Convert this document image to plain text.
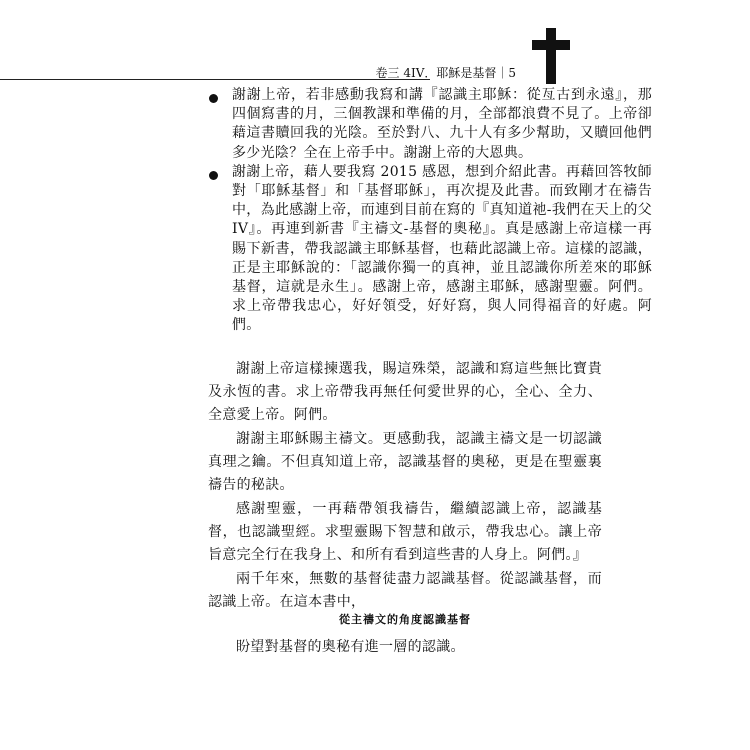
卷三 4IV．耶穌是基督｜5

謝謝上帝，若非感動我寫和講『認識主耶穌：從亙古到永遠』，那四個寫書的月，三個教課和準備的月，全部都浪費不見了。上帝卻藉這書贖回我的光陰。至於對八、九十人有多少幫助，又贖回他們多少光陰？全在上帝手中。謝謝上帝的大恩典。

謝謝上帝，藉人要我寫 2015 感恩，想到介紹此書。再藉回答牧師對「耶穌基督」和「基督耶穌」，再次提及此書。而致剛才在禱告中，為此感謝上帝，而連到目前在寫的『真知道祂-我們在天上的父 IV』。再連到新書『主禱文-基督的奧秘』。真是感謝上帝這樣一再賜下新書，帶我認識主耶穌基督，也藉此認識上帝。這樣的認識，正是主耶穌說的：「認識你獨一的真神，並且認識你所差來的耶穌基督，這就是永生」。感謝上帝，感謝主耶穌，感謝聖靈。阿們。求上帝帶我忠心，好好領受，好好寫，與人同得福音的好處。阿們。

謝謝上帝這樣揀選我，賜這殊榮，認識和寫這些無比寶貴及永恆的書。求上帝帶我再無任何愛世界的心，全心、全力、全意愛上帝。阿們。

謝謝主耶穌賜主禱文。更感動我，認識主禱文是一切認識真理之鑰。不但真知道上帝，認識基督的奧秘，更是在聖靈裏禱告的秘訣。

感謝聖靈，一再藉帶領我禱告，繼續認識上帝，認識基督，也認識聖經。求聖靈賜下智慧和啟示，帶我忠心。讓上帝旨意完全行在我身上、和所有看到這些書的人身上。阿們。』

兩千年來，無數的基督徒盡力認識基督。從認識基督，而認識上帝。在這本書中，

從主禱文的角度認識基督

盼望對基督的奧秘有進一層的認識。
